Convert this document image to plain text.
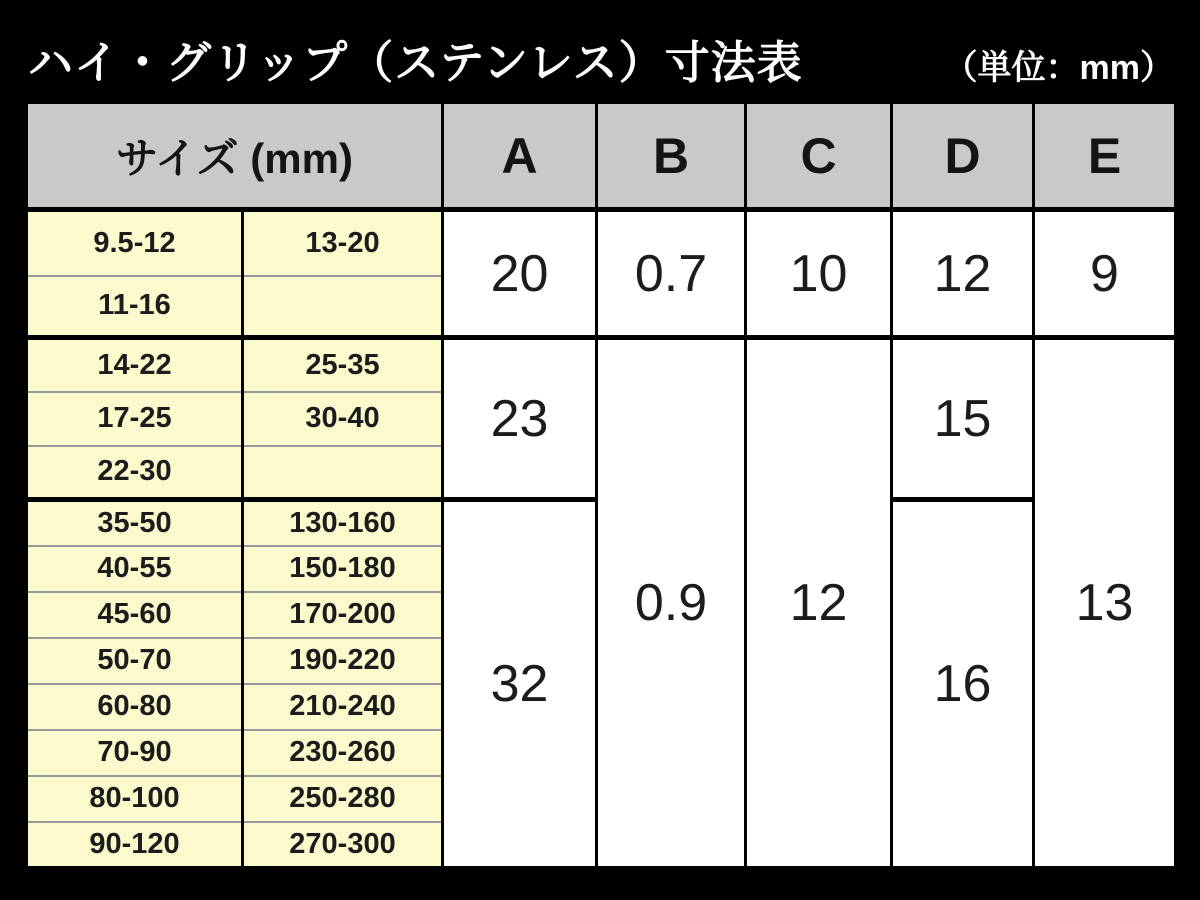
ハイ・グリップ（ステンレス）寸法表	（単位：mm）
サイズ (mm)		A	B	C	D	E
9.5-12	13-20	20	0.7	10	12	9
11-16						
14-22	25-35	23	0.9	12	15	13
17-25	30-40					
22-30						
35-50	130-160	32			16	
40-55	150-180					
45-60	170-200					
50-70	190-220					
60-80	210-240					
70-90	230-260					
80-100	250-280					
90-120	270-300					
